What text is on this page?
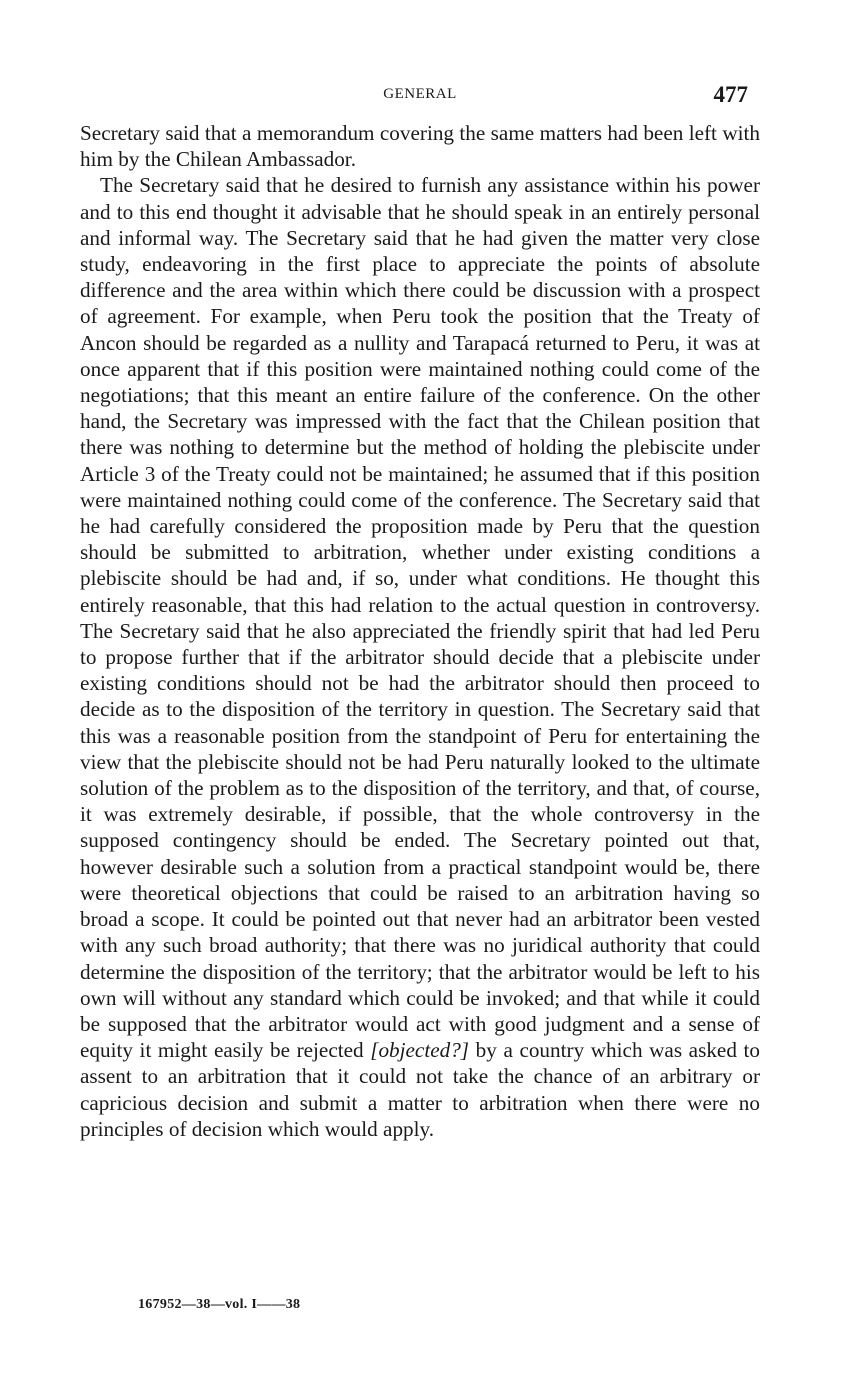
GENERAL	477

Secretary said that a memorandum covering the same matters had been left with him by the Chilean Ambassador.

The Secretary said that he desired to furnish any assistance within his power and to this end thought it advisable that he should speak in an entirely personal and informal way. The Secretary said that he had given the matter very close study, endeavoring in the first place to appreciate the points of absolute difference and the area within which there could be discussion with a prospect of agreement. For example, when Peru took the position that the Treaty of Ancon should be regarded as a nullity and Tarapacá returned to Peru, it was at once apparent that if this position were maintained nothing could come of the negotiations; that this meant an entire failure of the conference. On the other hand, the Secretary was impressed with the fact that the Chilean position that there was nothing to determine but the method of holding the plebiscite under Article 3 of the Treaty could not be maintained; he assumed that if this position were maintained nothing could come of the conference. The Secretary said that he had carefully considered the proposition made by Peru that the question should be submitted to arbitration, whether under existing conditions a plebiscite should be had and, if so, under what conditions. He thought this entirely reasonable, that this had relation to the actual question in controversy. The Secretary said that he also appreciated the friendly spirit that had led Peru to propose further that if the arbitrator should decide that a plebiscite under existing conditions should not be had the arbitrator should then proceed to decide as to the disposition of the territory in question. The Secretary said that this was a reasonable position from the standpoint of Peru for entertaining the view that the plebiscite should not be had Peru naturally looked to the ultimate solution of the problem as to the disposition of the territory, and that, of course, it was extremely desirable, if possible, that the whole controversy in the supposed contingency should be ended. The Secretary pointed out that, however desirable such a solution from a practical standpoint would be, there were theoretical objections that could be raised to an arbitration having so broad a scope. It could be pointed out that never had an arbitrator been vested with any such broad authority; that there was no juridical authority that could determine the disposition of the territory; that the arbitrator would be left to his own will without any standard which could be invoked; and that while it could be supposed that the arbitrator would act with good judgment and a sense of equity it might easily be rejected [objected?] by a country which was asked to assent to an arbitration that it could not take the chance of an arbitrary or capricious decision and submit a matter to arbitration when there were no principles of decision which would apply.

167952—38—vol. I——38
